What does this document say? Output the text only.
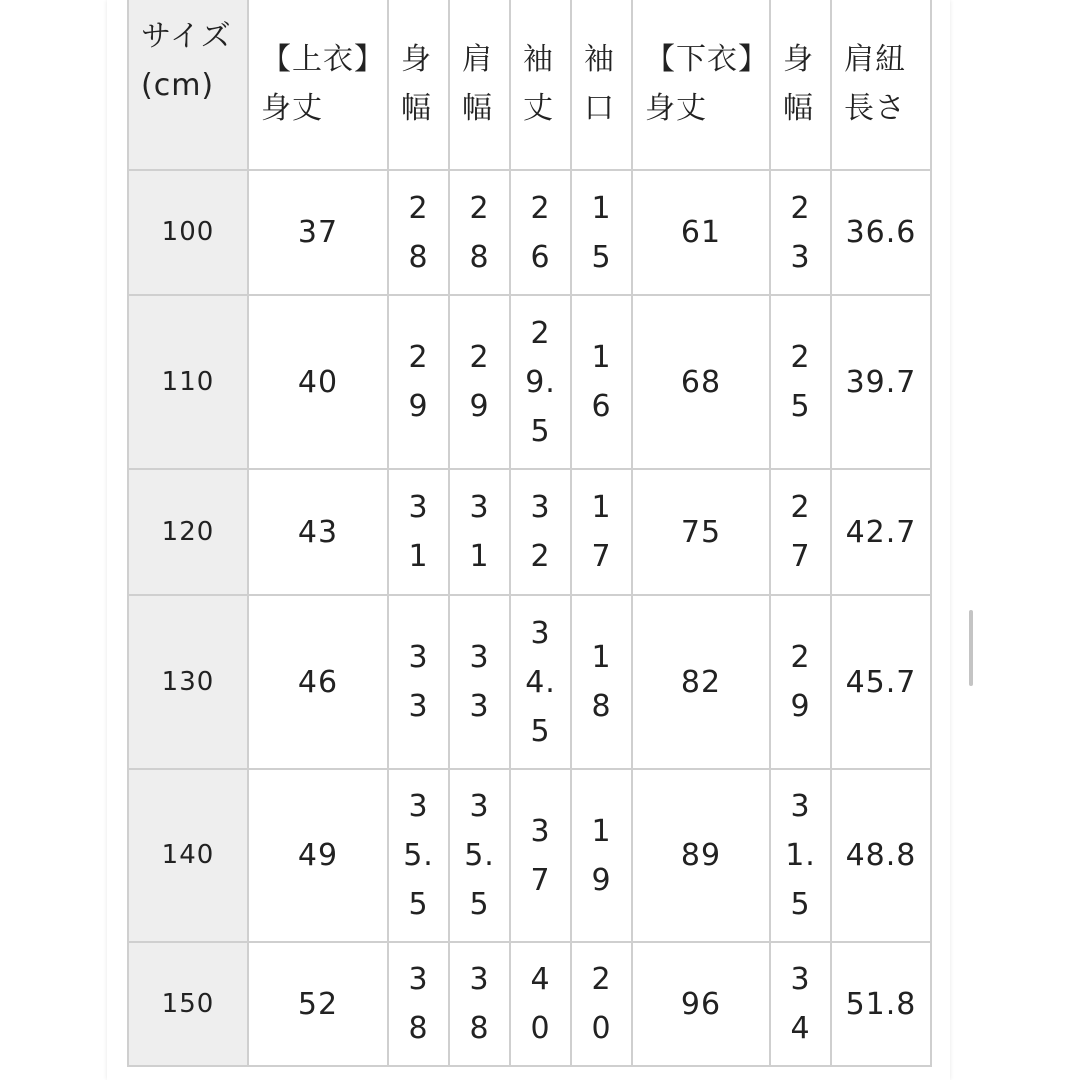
サイズ(cm)	【上衣】身丈	身幅	肩幅	袖丈	袖口	【下衣】身丈	身幅	肩紐長さ
100	37	28	28	26	15	61	23	36.6
110	40	29	29	29.5	16	68	25	39.7
120	43	31	31	32	17	75	27	42.7
130	46	33	33	34.5	18	82	29	45.7
140	49	35.5	35.5	37	19	89	31.5	48.8
150	52	38	38	40	20	96	34	51.8
